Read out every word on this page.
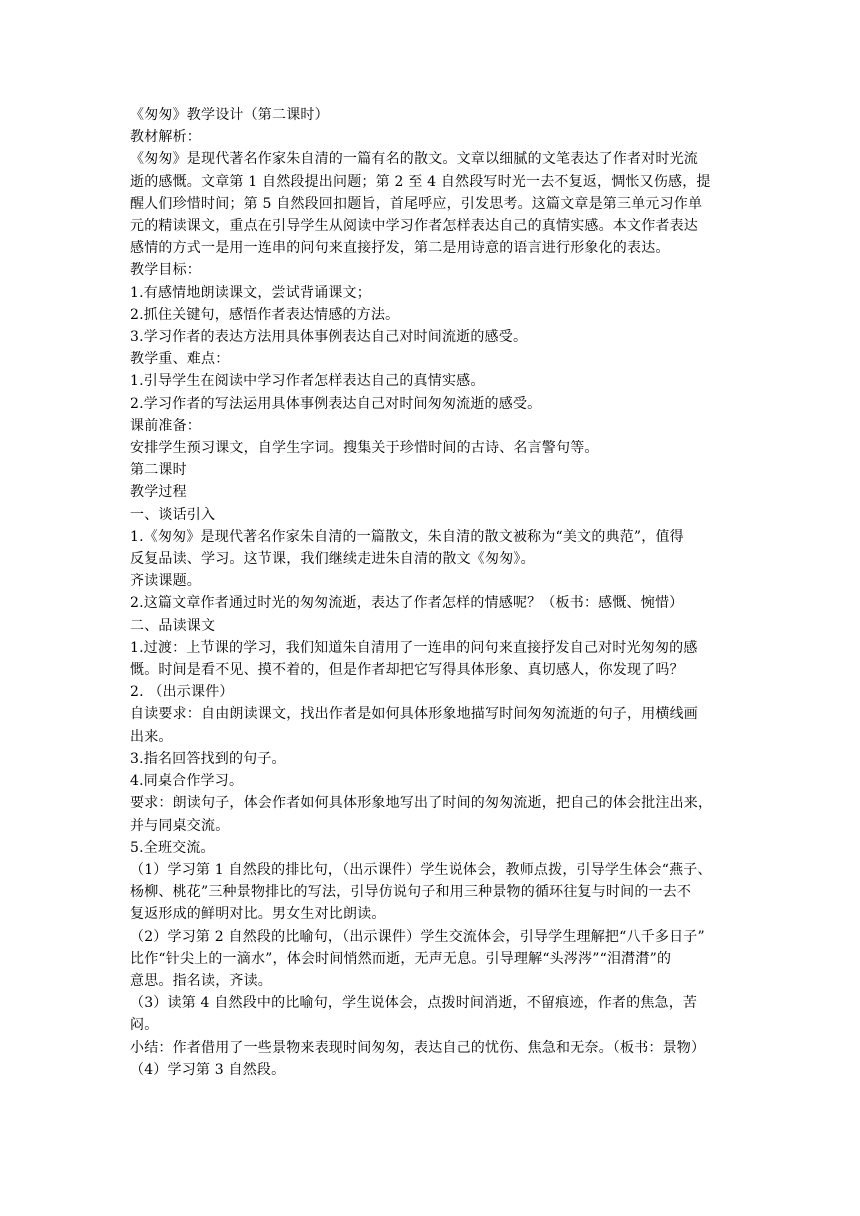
《匆匆》教学设计（第二课时）
教材解析：
《匆匆》是现代著名作家朱自清的一篇有名的散文。文章以细腻的文笔表达了作者对时光流
逝的感慨。文章第 1 自然段提出问题；第 2 至 4 自然段写时光一去不复返，惆怅又伤感，提
醒人们珍惜时间；第 5 自然段回扣题旨，首尾呼应，引发思考。这篇文章是第三单元习作单
元的精读课文，重点在引导学生从阅读中学习作者怎样表达自己的真情实感。本文作者表达
感情的方式一是用一连串的问句来直接抒发，第二是用诗意的语言进行形象化的表达。
教学目标：
1.有感情地朗读课文，尝试背诵课文；
2.抓住关键句，感悟作者表达情感的方法。
3.学习作者的表达方法用具体事例表达自己对时间流逝的感受。
教学重、难点：
1.引导学生在阅读中学习作者怎样表达自己的真情实感。
2.学习作者的写法运用具体事例表达自己对时间匆匆流逝的感受。
课前准备：
安排学生预习课文，自学生字词。搜集关于珍惜时间的古诗、名言警句等。
第二课时
教学过程
一、谈话引入
1.《匆匆》是现代著名作家朱自清的一篇散文，朱自清的散文被称为“美文的典范”，值得
反复品读、学习。这节课，我们继续走进朱自清的散文《匆匆》。
齐读课题。
2.这篇文章作者通过时光的匆匆流逝，表达了作者怎样的情感呢？（板书：感慨、惋惜）
二、品读课文
1.过渡：上节课的学习，我们知道朱自清用了一连串的问句来直接抒发自己对时光匆匆的感
慨。时间是看不见、摸不着的，但是作者却把它写得具体形象、真切感人，你发现了吗？
2. （出示课件）
自读要求：自由朗读课文，找出作者是如何具体形象地描写时间匆匆流逝的句子，用横线画
出来。
3.指名回答找到的句子。
4.同桌合作学习。
要求：朗读句子，体会作者如何具体形象地写出了时间的匆匆流逝，把自己的体会批注出来，
并与同桌交流。
5.全班交流。
（1）学习第 1 自然段的排比句，（出示课件）学生说体会，教师点拨，引导学生体会“燕子、
杨柳、桃花”三种景物排比的写法，引导仿说句子和用三种景物的循环往复与时间的一去不
复返形成的鲜明对比。男女生对比朗读。
（2）学习第 2 自然段的比喻句，（出示课件）学生交流体会，引导学生理解把“八千多日子”
比作“针尖上的一滴水”，体会时间悄然而逝，无声无息。引导理解“头涔涔”“泪潸潸”的
意思。指名读，齐读。
（3）读第 4 自然段中的比喻句，学生说体会，点拨时间消逝，不留痕迹，作者的焦急，苦
闷。
小结：作者借用了一些景物来表现时间匆匆，表达自己的忧伤、焦急和无奈。（板书：景物）
（4）学习第 3 自然段。
